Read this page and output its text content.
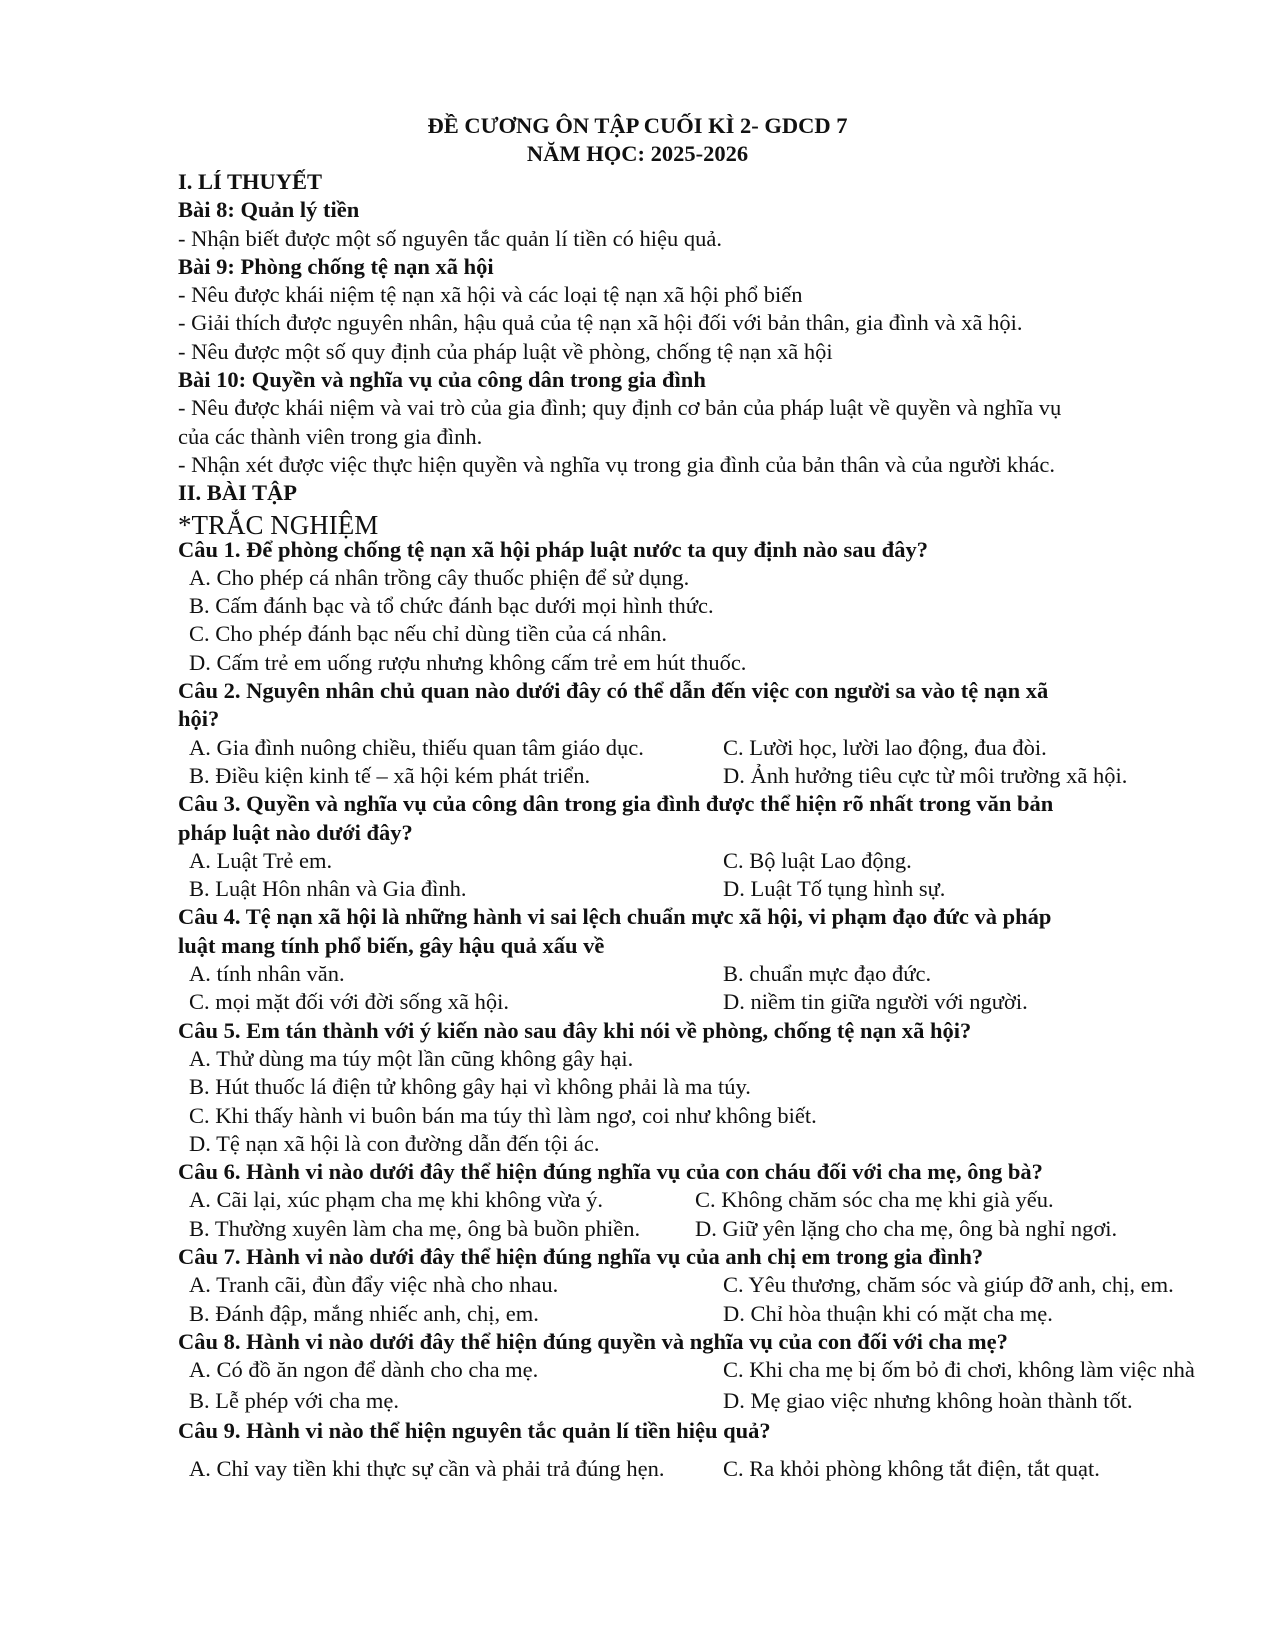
ĐỀ CƯƠNG ÔN TẬP CUỐI KÌ 2- GDCD 7
NĂM HỌC: 2025-2026
I. LÍ THUYẾT
Bài 8: Quản lý tiền
- Nhận biết được một số nguyên tắc quản lí tiền có hiệu quả.
Bài 9: Phòng chống tệ nạn xã hội
- Nêu được khái niệm tệ nạn xã hội và các loại tệ nạn xã hội phổ biến
- Giải thích được nguyên nhân, hậu quả của tệ nạn xã hội đối với bản thân, gia đình và xã hội.
- Nêu được một số quy định của pháp luật về phòng, chống tệ nạn xã hội
Bài 10: Quyền và nghĩa vụ của công dân trong gia đình
- Nêu được khái niệm và vai trò của gia đình; quy định cơ bản của pháp luật về quyền và nghĩa vụ
của các thành viên trong gia đình.
- Nhận xét được việc thực hiện quyền và nghĩa vụ trong gia đình của bản thân và của người khác.
II. BÀI TẬP
*TRẮC NGHIỆM
Câu 1. Để phòng chống tệ nạn xã hội pháp luật nước ta quy định nào sau đây?
A. Cho phép cá nhân trồng cây thuốc phiện để sử dụng.
B. Cấm đánh bạc và tổ chức đánh bạc dưới mọi hình thức.
C. Cho phép đánh bạc nếu chỉ dùng tiền của cá nhân.
D. Cấm trẻ em uống rượu nhưng không cấm trẻ em hút thuốc.
Câu 2. Nguyên nhân chủ quan nào dưới đây có thể dẫn đến việc con người sa vào tệ nạn xã
hội?
A. Gia đình nuông chiều, thiếu quan tâm giáo dục.	C. Lười học, lười lao động, đua đòi.
B. Điều kiện kinh tế – xã hội kém phát triển.	D. Ảnh hưởng tiêu cực từ môi trường xã hội.
Câu 3. Quyền và nghĩa vụ của công dân trong gia đình được thể hiện rõ nhất trong văn bản
pháp luật nào dưới đây?
A. Luật Trẻ em.	C. Bộ luật Lao động.
B. Luật Hôn nhân và Gia đình.	D. Luật Tố tụng hình sự.
Câu 4. Tệ nạn xã hội là những hành vi sai lệch chuẩn mực xã hội, vi phạm đạo đức và pháp
luật mang tính phổ biến, gây hậu quả xấu về
A. tính nhân văn.	B. chuẩn mực đạo đức.
C. mọi mặt đối với đời sống xã hội.	D. niềm tin giữa người với người.
Câu 5. Em tán thành với ý kiến nào sau đây khi nói về phòng, chống tệ nạn xã hội?
A. Thử dùng ma túy một lần cũng không gây hại.
B. Hút thuốc lá điện tử không gây hại vì không phải là ma túy.
C. Khi thấy hành vi buôn bán ma túy thì làm ngơ, coi như không biết.
D. Tệ nạn xã hội là con đường dẫn đến tội ác.
Câu 6. Hành vi nào dưới đây thể hiện đúng nghĩa vụ của con cháu đối với cha mẹ, ông bà?
A. Cãi lại, xúc phạm cha mẹ khi không vừa ý.	C. Không chăm sóc cha mẹ khi già yếu.
B. Thường xuyên làm cha mẹ, ông bà buồn phiền.	D. Giữ yên lặng cho cha mẹ, ông bà nghỉ ngơi.
Câu 7. Hành vi nào dưới đây thể hiện đúng nghĩa vụ của anh chị em trong gia đình?
A. Tranh cãi, đùn đẩy việc nhà cho nhau.	C. Yêu thương, chăm sóc và giúp đỡ anh, chị, em.
B. Đánh đập, mắng nhiếc anh, chị, em.	D. Chỉ hòa thuận khi có mặt cha mẹ.
Câu 8. Hành vi nào dưới đây thể hiện đúng quyền và nghĩa vụ của con đối với cha mẹ?
A. Có đồ ăn ngon để dành cho cha mẹ.	C. Khi cha mẹ bị ốm bỏ đi chơi, không làm việc nhà
B. Lễ phép với cha mẹ.	D. Mẹ giao việc nhưng không hoàn thành tốt.
Câu 9. Hành vi nào thể hiện nguyên tắc quản lí tiền hiệu quả?
A. Chỉ vay tiền khi thực sự cần và phải trả đúng hẹn.	C. Ra khỏi phòng không tắt điện, tắt quạt.
